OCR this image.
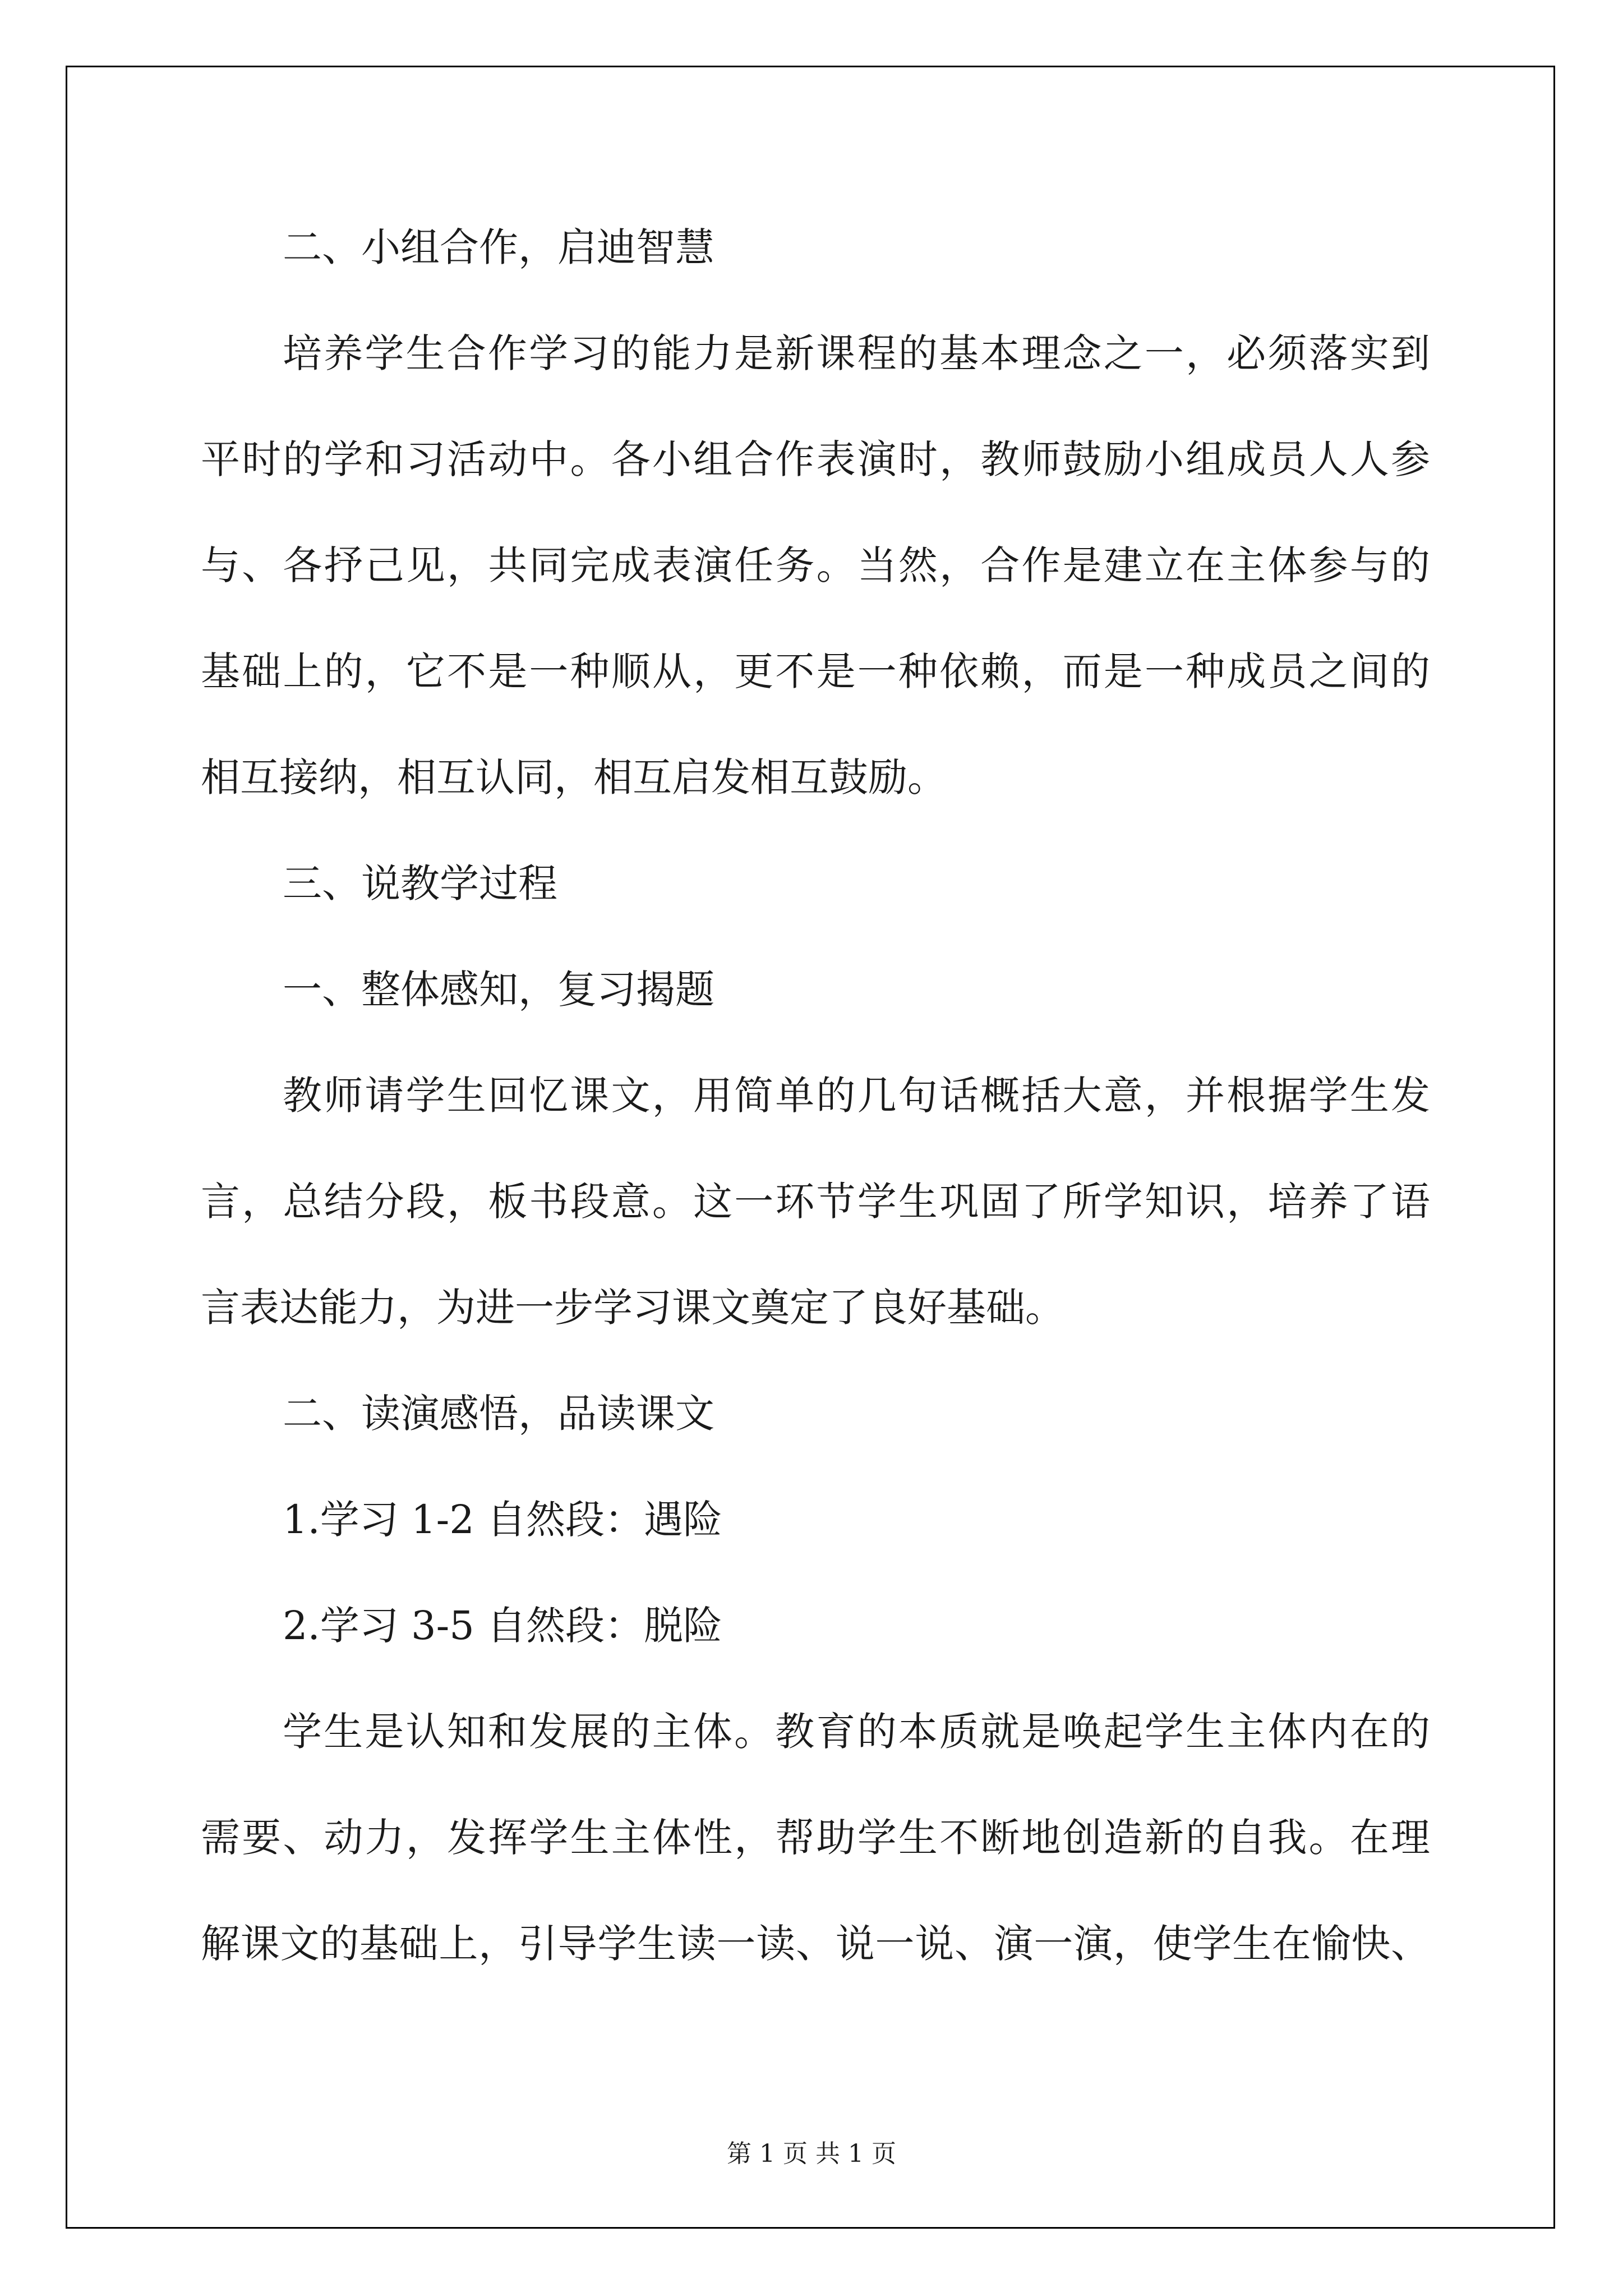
二、小组合作，启迪智慧
培养学生合作学习的能力是新课程的基本理念之一，必须落实到
平时的学和习活动中。各小组合作表演时，教师鼓励小组成员人人参
与、各抒己见，共同完成表演任务。当然，合作是建立在主体参与的
基础上的，它不是一种顺从，更不是一种依赖，而是一种成员之间的
相互接纳，相互认同，相互启发相互鼓励。
三、说教学过程
一、整体感知，复习揭题
教师请学生回忆课文，用简单的几句话概括大意，并根据学生发
言，总结分段，板书段意。这一环节学生巩固了所学知识，培养了语
言表达能力，为进一步学习课文奠定了良好基础。
二、读演感悟，品读课文
1.学习 1-2 自然段：遇险
2.学习 3-5 自然段：脱险
学生是认知和发展的主体。教育的本质就是唤起学生主体内在的
需要、动力，发挥学生主体性，帮助学生不断地创造新的自我。在理
解课文的基础上，引导学生读一读、说一说、演一演，使学生在愉快、
第 1 页 共 1 页
